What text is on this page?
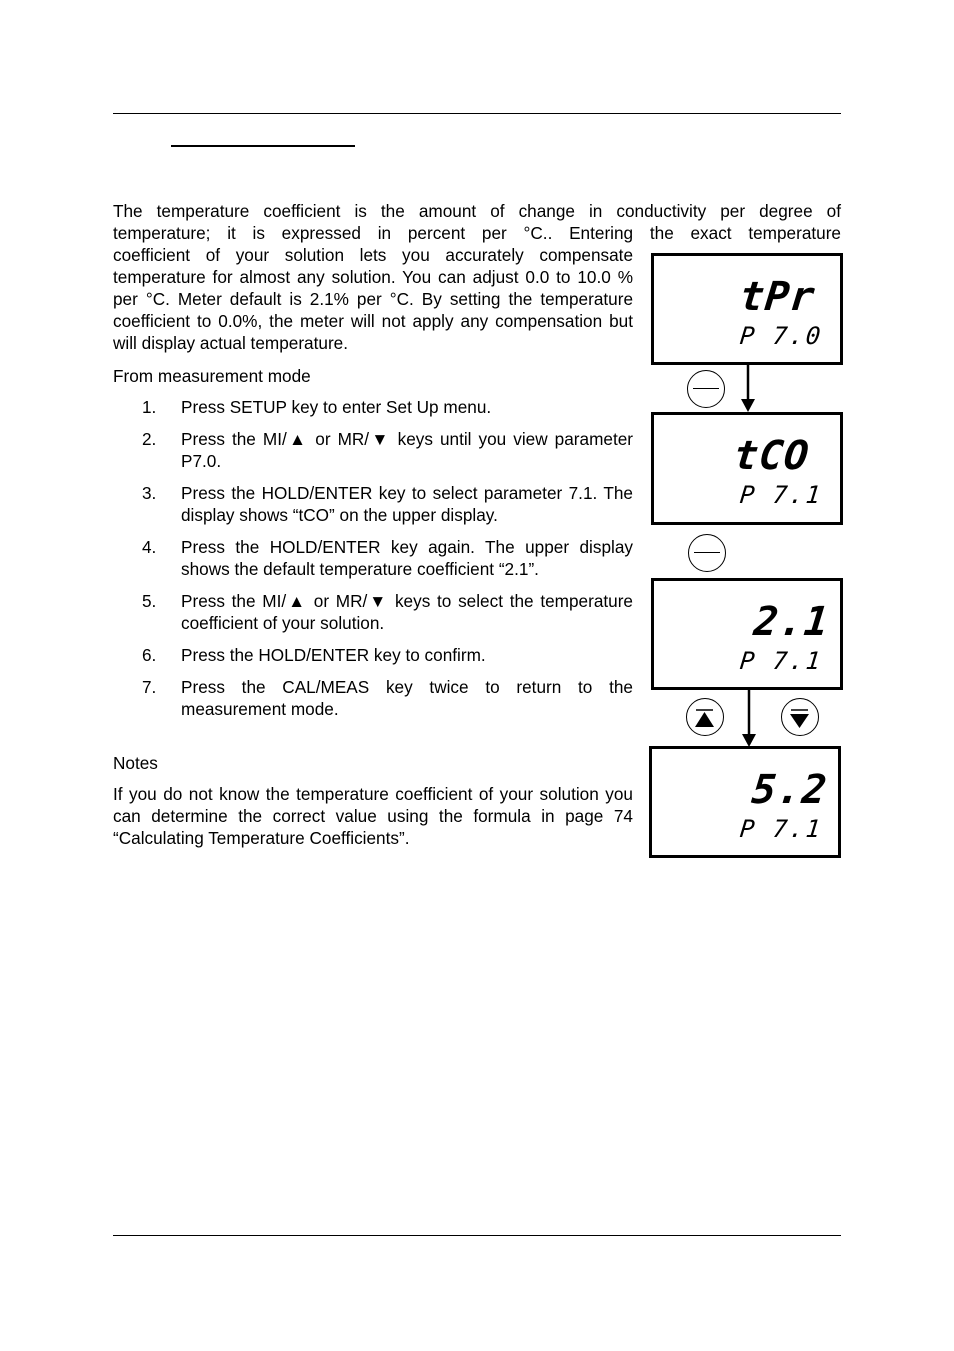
The temperature coefficient is the amount of change in conductivity per degree of
temperature; it is expressed in percent per °C.. Entering the exact temperature

coefficient of your solution lets you accurately compensate temperature for almost any solution. You can adjust 0.0 to 10.0 % per °C. Meter default is 2.1% per °C. By setting the temperature coefficient to 0.0%, the meter will not apply any compensation but will display actual temperature.

From measurement mode

1. Press SETUP key to enter Set Up menu.
2. Press the MI/▲ or MR/▼ keys until you view parameter P7.0.
3. Press the HOLD/ENTER key to select parameter 7.1. The display shows “tCO” on the upper display.
4. Press the HOLD/ENTER key again. The upper display shows the default temperature coefficient “2.1”.
5. Press the MI/▲ or MR/▼ keys to select the temperature coefficient of your solution.
6. Press the HOLD/ENTER key to confirm.
7. Press the CAL/MEAS key twice to return to the measurement mode.

Notes

If you do not know the temperature coefficient of your solution you can determine the correct value using the formula in page 74 “Calculating Temperature Coefficients”.

tPr
P 7.0
tCO
P 7.1
2.1
P 7.1
5.2
P 7.1
